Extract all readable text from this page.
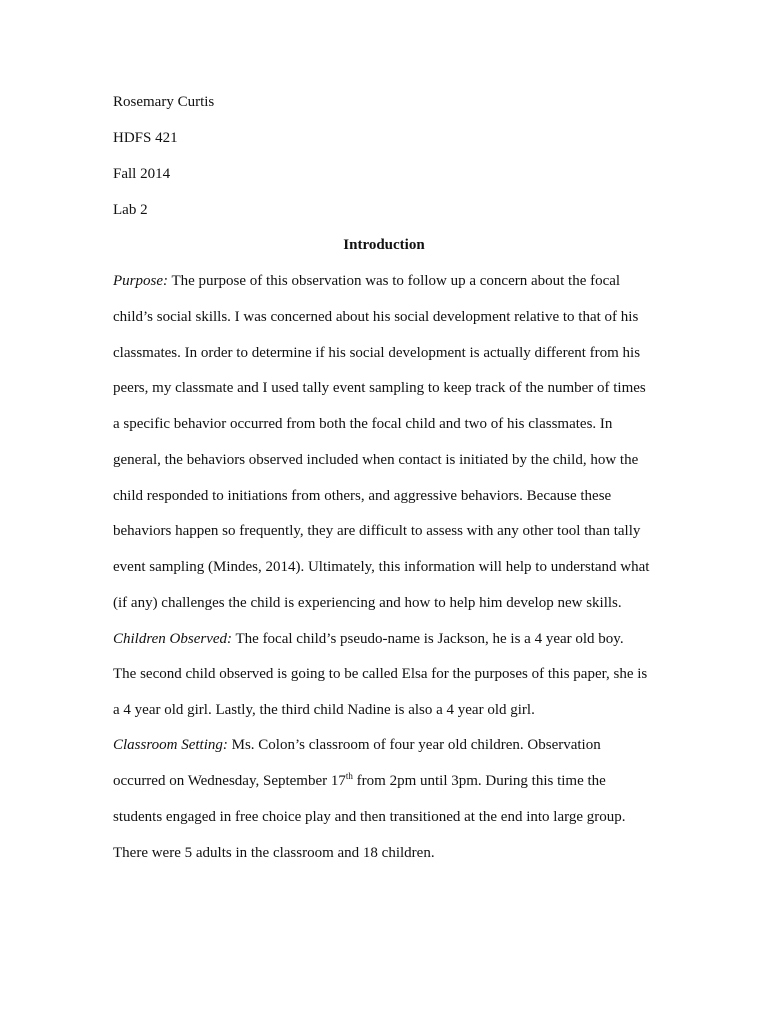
Rosemary Curtis
HDFS 421
Fall 2014
Lab 2
Introduction
Purpose: The purpose of this observation was to follow up a concern about the focal
child’s social skills. I was concerned about his social development relative to that of his
classmates. In order to determine if his social development is actually different from his
peers, my classmate and I used tally event sampling to keep track of the number of times
a specific behavior occurred from both the focal child and two of his classmates. In
general, the behaviors observed included when contact is initiated by the child, how the
child responded to initiations from others, and aggressive behaviors. Because these
behaviors happen so frequently, they are difficult to assess with any other tool than tally
event sampling (Mindes, 2014). Ultimately, this information will help to understand what
(if any) challenges the child is experiencing and how to help him develop new skills.
Children Observed: The focal child’s pseudo-name is Jackson, he is a 4 year old boy.
The second child observed is going to be called Elsa for the purposes of this paper, she is
a 4 year old girl. Lastly, the third child Nadine is also a 4 year old girl.
Classroom Setting: Ms. Colon’s classroom of four year old children. Observation
occurred on Wednesday, September 17th from 2pm until 3pm. During this time the
students engaged in free choice play and then transitioned at the end into large group.
There were 5 adults in the classroom and 18 children.
